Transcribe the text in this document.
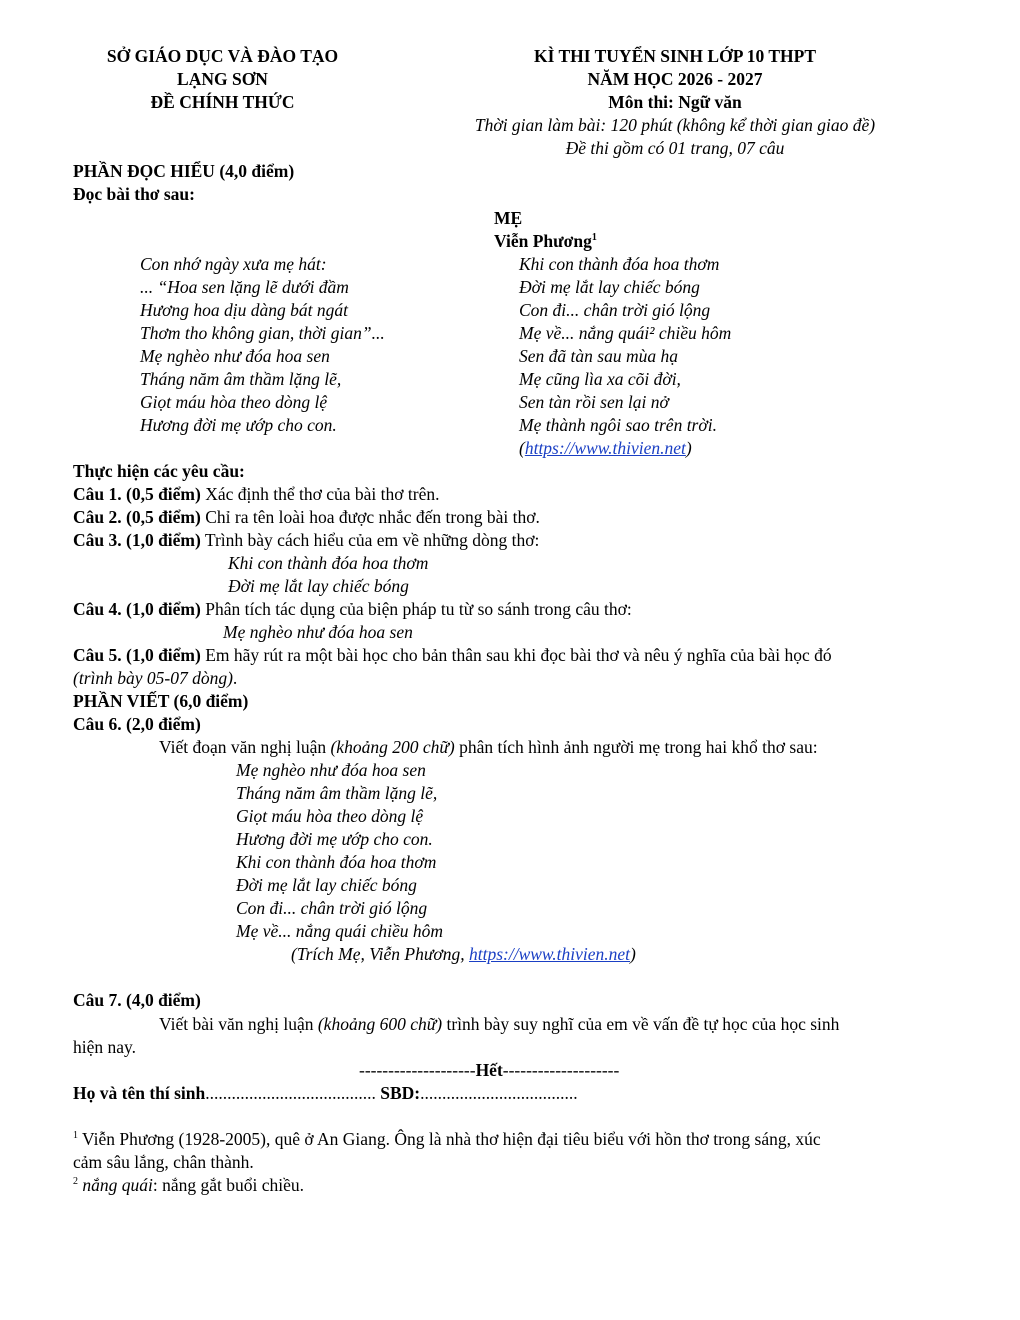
SỞ GIÁO DỤC VÀ ĐÀO TẠO
LẠNG SƠN
ĐỀ CHÍNH THỨC
KÌ THI TUYỂN SINH LỚP 10 THPT
NĂM HỌC 2026 - 2027
Môn thi: Ngữ văn
Thời gian làm bài: 120 phút (không kể thời gian giao đề)
Đề thi gồm có 01 trang, 07 câu
PHẦN ĐỌC HIỂU (4,0 điểm)
Đọc bài thơ sau:
MẸ
Viễn Phương$^1$
Con nhớ ngày xưa mẹ hát:
... “Hoa sen lặng lẽ dưới đầm
Hương hoa dịu dàng bát ngát
Thơm tho không gian, thời gian”...
Mẹ nghèo như đóa hoa sen
Tháng năm âm thầm lặng lẽ,
Giọt máu hòa theo dòng lệ
Hương đời mẹ ướp cho con.
Khi con thành đóa hoa thơm
Đời mẹ lắt lay chiếc bóng
Con đi... chân trời gió lộng
Mẹ về... nắng quái² chiều hôm
Sen đã tàn sau mùa hạ
Mẹ cũng lìa xa cõi đời,
Sen tàn rồi sen lại nở
Mẹ thành ngôi sao trên trời.
(https://www.thivien.net)
Thực hiện các yêu cầu:
Câu 1. (0,5 điểm) Xác định thể thơ của bài thơ trên.
Câu 2. (0,5 điểm) Chỉ ra tên loài hoa được nhắc đến trong bài thơ.
Câu 3. (1,0 điểm) Trình bày cách hiểu của em về những dòng thơ:
Khi con thành đóa hoa thơm
Đời mẹ lắt lay chiếc bóng
Câu 4. (1,0 điểm) Phân tích tác dụng của biện pháp tu từ so sánh trong câu thơ:
Mẹ nghèo như đóa hoa sen
Câu 5. (1,0 điểm) Em hãy rút ra một bài học cho bản thân sau khi đọc bài thơ và nêu ý nghĩa của bài học đó
(trình bày 05-07 dòng).
PHẦN VIẾT (6,0 điểm)
Câu 6. (2,0 điểm)
Viết đoạn văn nghị luận (khoảng 200 chữ) phân tích hình ảnh người mẹ trong hai khổ thơ sau:
Mẹ nghèo như đóa hoa sen
Tháng năm âm thầm lặng lẽ,
Giọt máu hòa theo dòng lệ
Hương đời mẹ ướp cho con.
Khi con thành đóa hoa thơm
Đời mẹ lắt lay chiếc bóng
Con đi... chân trời gió lộng
Mẹ về... nắng quái chiều hôm
(Trích Mẹ, Viễn Phương, https://www.thivien.net)
Câu 7. (4,0 điểm)
Viết bài văn nghị luận (khoảng 600 chữ) trình bày suy nghĩ của em về vấn đề tự học của học sinh
hiện nay.
--------------------Hết--------------------
Họ và tên thí sinh....................................... SBD:....................................
$^1$ Viễn Phương (1928-2005), quê ở An Giang. Ông là nhà thơ hiện đại tiêu biểu với hồn thơ trong sáng, xúc
cảm sâu lắng, chân thành.
$^2$ nắng quái: nắng gắt buổi chiều.
